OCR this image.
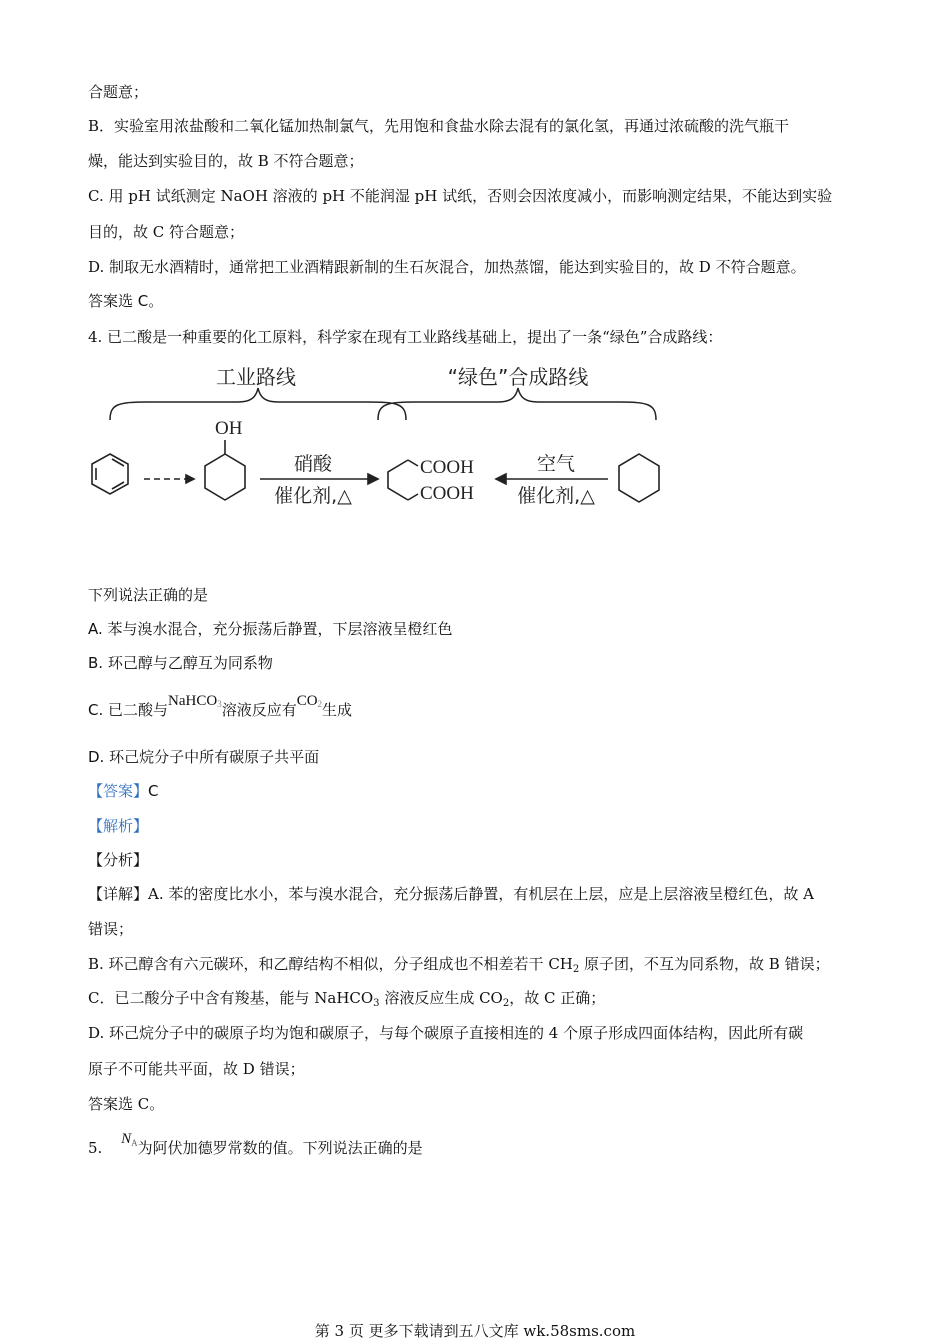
合题意；
B．实验室用浓盐酸和二氧化锰加热制氯气，先用饱和食盐水除去混有的氯化氢，再通过浓硫酸的洗气瓶干
燥，能达到实验目的，故 B 不符合题意；
C. 用 pH 试纸测定 NaOH 溶液的 pH 不能润湿 pH 试纸，否则会因浓度减小，而影响测定结果，不能达到实验
目的，故 C 符合题意；
D. 制取无水酒精时，通常把工业酒精跟新制的生石灰混合，加热蒸馏，能达到实验目的，故 D 不符合题意。
答案选 C。
4. 已二酸是一种重要的化工原料，科学家在现有工业路线基础上，提出了一条“绿色”合成路线：
工业路线	“绿色”合成路线
OH
硝酸
催化剂,△
COOH
COOH
空气
催化剂,△
下列说法正确的是
A. 苯与溴水混合，充分振荡后静置，下层溶液呈橙红色
B. 环己醇与乙醇互为同系物
C. 已二酸与NaHCO$_3$溶液反应有$CO_2$生成
D. 环己烷分子中所有碳原子共平面
【答案】C
【解析】
【分析】
【详解】A. 苯的密度比水小，苯与溴水混合，充分振荡后静置，有机层在上层，应是上层溶液呈橙红色，故 A
错误；
B. 环己醇含有六元碳环，和乙醇结构不相似，分子组成也不相差若干 $CH_2$ 原子团，不互为同系物，故 B 错误；
C．已二酸分子中含有羧基，能与 NaHCO$_3$ 溶液反应生成 $CO_2$，故 C 正确；
D. 环己烷分子中的碳原子均为饱和碳原子，与每个碳原子直接相连的 4 个原子形成四面体结构，因此所有碳
原子不可能共平面，故 D 错误；
答案选 C。
5. $N_A$为阿伏加德罗常数的值。下列说法正确的是
第 3 页 更多下载请到五八文库 wk.58sms.com
